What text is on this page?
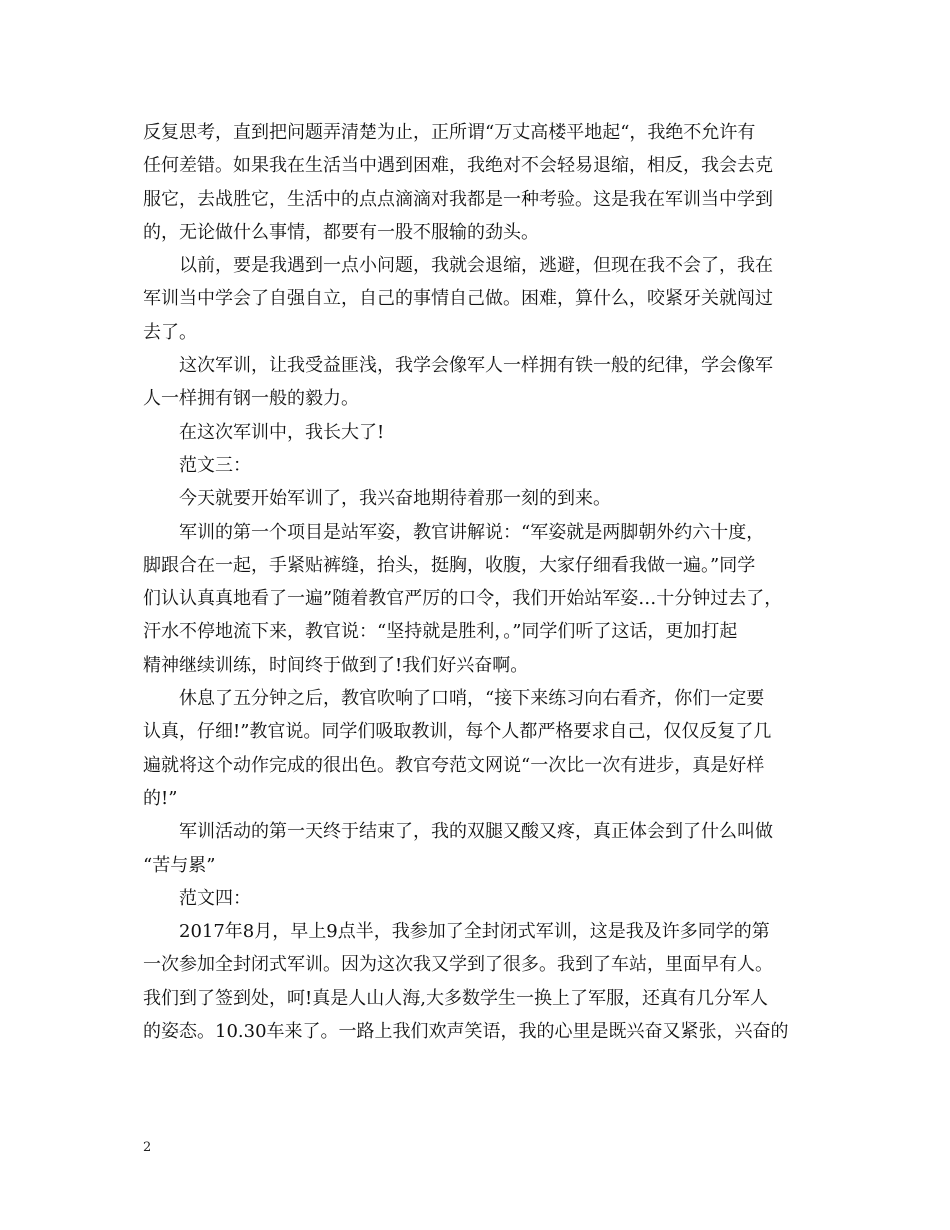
反复思考，直到把问题弄清楚为止，正所谓“万丈高楼平地起“，我绝不允许有
任何差错。如果我在生活当中遇到困难，我绝对不会轻易退缩，相反，我会去克
服它，去战胜它，生活中的点点滴滴对我都是一种考验。这是我在军训当中学到
的，无论做什么事情，都要有一股不服输的劲头。
以前，要是我遇到一点小问题，我就会退缩，逃避，但现在我不会了，我在
军训当中学会了自强自立，自己的事情自己做。困难，算什么，咬紧牙关就闯过
去了。
这次军训，让我受益匪浅，我学会像军人一样拥有铁一般的纪律，学会像军
人一样拥有钢一般的毅力。
在这次军训中，我长大了!
范文三：
今天就要开始军训了，我兴奋地期待着那一刻的到来。
军训的第一个项目是站军姿，教官讲解说：“军姿就是两脚朝外约六十度，
脚跟合在一起，手紧贴裤缝，抬头，挺胸，收腹，大家仔细看我做一遍。”同学
们认认真真地看了一遍”随着教官严厉的口令，我们开始站军姿…十分钟过去了，
汗水不停地流下来，教官说：“坚持就是胜利，。”同学们听了这话，更加打起
精神继续训练，时间终于做到了!我们好兴奋啊。
休息了五分钟之后，教官吹响了口哨，“接下来练习向右看齐，你们一定要
认真，仔细!”教官说。同学们吸取教训，每个人都严格要求自己，仅仅反复了几
遍就将这个动作完成的很出色。教官夸范文网说“一次比一次有进步，真是好样
的!”
军训活动的第一天终于结束了，我的双腿又酸又疼，真正体会到了什么叫做
“苦与累”
范文四：
2017年8月，早上9点半，我参加了全封闭式军训，这是我及许多同学的第
一次参加全封闭式军训。因为这次我又学到了很多。我到了车站，里面早有人。
我们到了签到处，呵!真是人山人海,大多数学生一换上了军服，还真有几分军人
的姿态。10.30车来了。一路上我们欢声笑语，我的心里是既兴奋又紧张，兴奋的
2
